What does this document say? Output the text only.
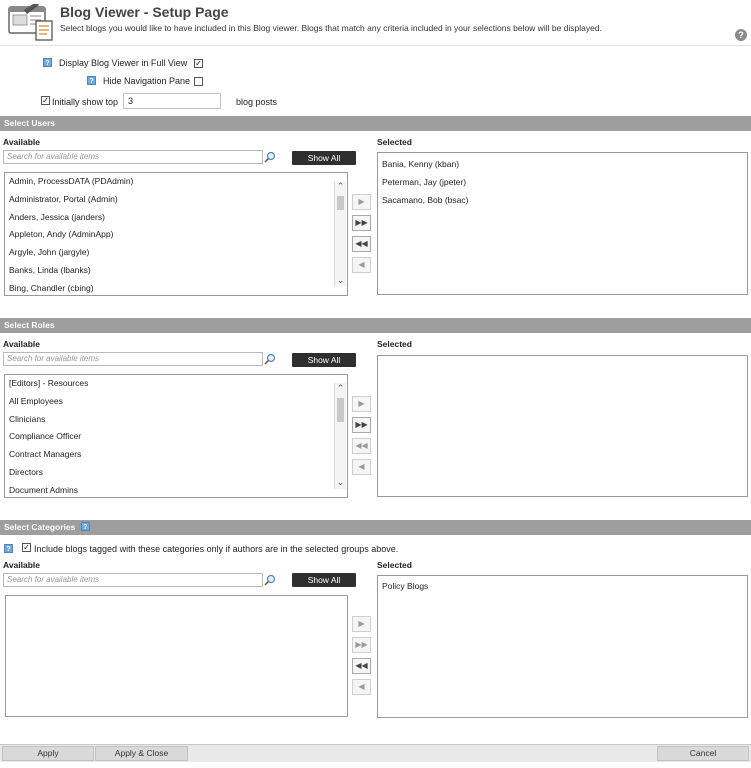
Blog Viewer - Setup Page
Select blogs you would like to have included in this Blog viewer. Blogs that match any criteria included in your selections below will be displayed.
?
? Display Blog Viewer in Full View ✓
? Hide Navigation Pane
✓ Initially show top	3	blog posts
Select Users
Available	Selected
Search for available items	Show All
Admin, ProcessDATA (PDAdmin)
Administrator, Portal (Admin)
Anders, Jessica (janders)
Appleton, Andy (AdminApp)
Argyle, John (jargyle)
Banks, Linda (lbanks)
Bing, Chandler (cbing)
⌃
⌄
▶
▶▶
◀◀
◀
Bania, Kenny (kban)
Peterman, Jay (jpeter)
Sacamano, Bob (bsac)
Select Roles
Available	Selected
Search for available items	Show All
[Editors] - Resources
All Employees
Clinicians
Compliance Officer
Contract Managers
Directors
Document Admins
⌃
⌄
▶
▶▶
◀◀
◀
Select Categories ?
? ✓ Include blogs tagged with these categories only if authors are in the selected groups above.
Available	Selected
Search for available items	Show All
▶
▶▶
◀◀
◀
Policy Blogs
Apply	Apply & Close	Cancel
